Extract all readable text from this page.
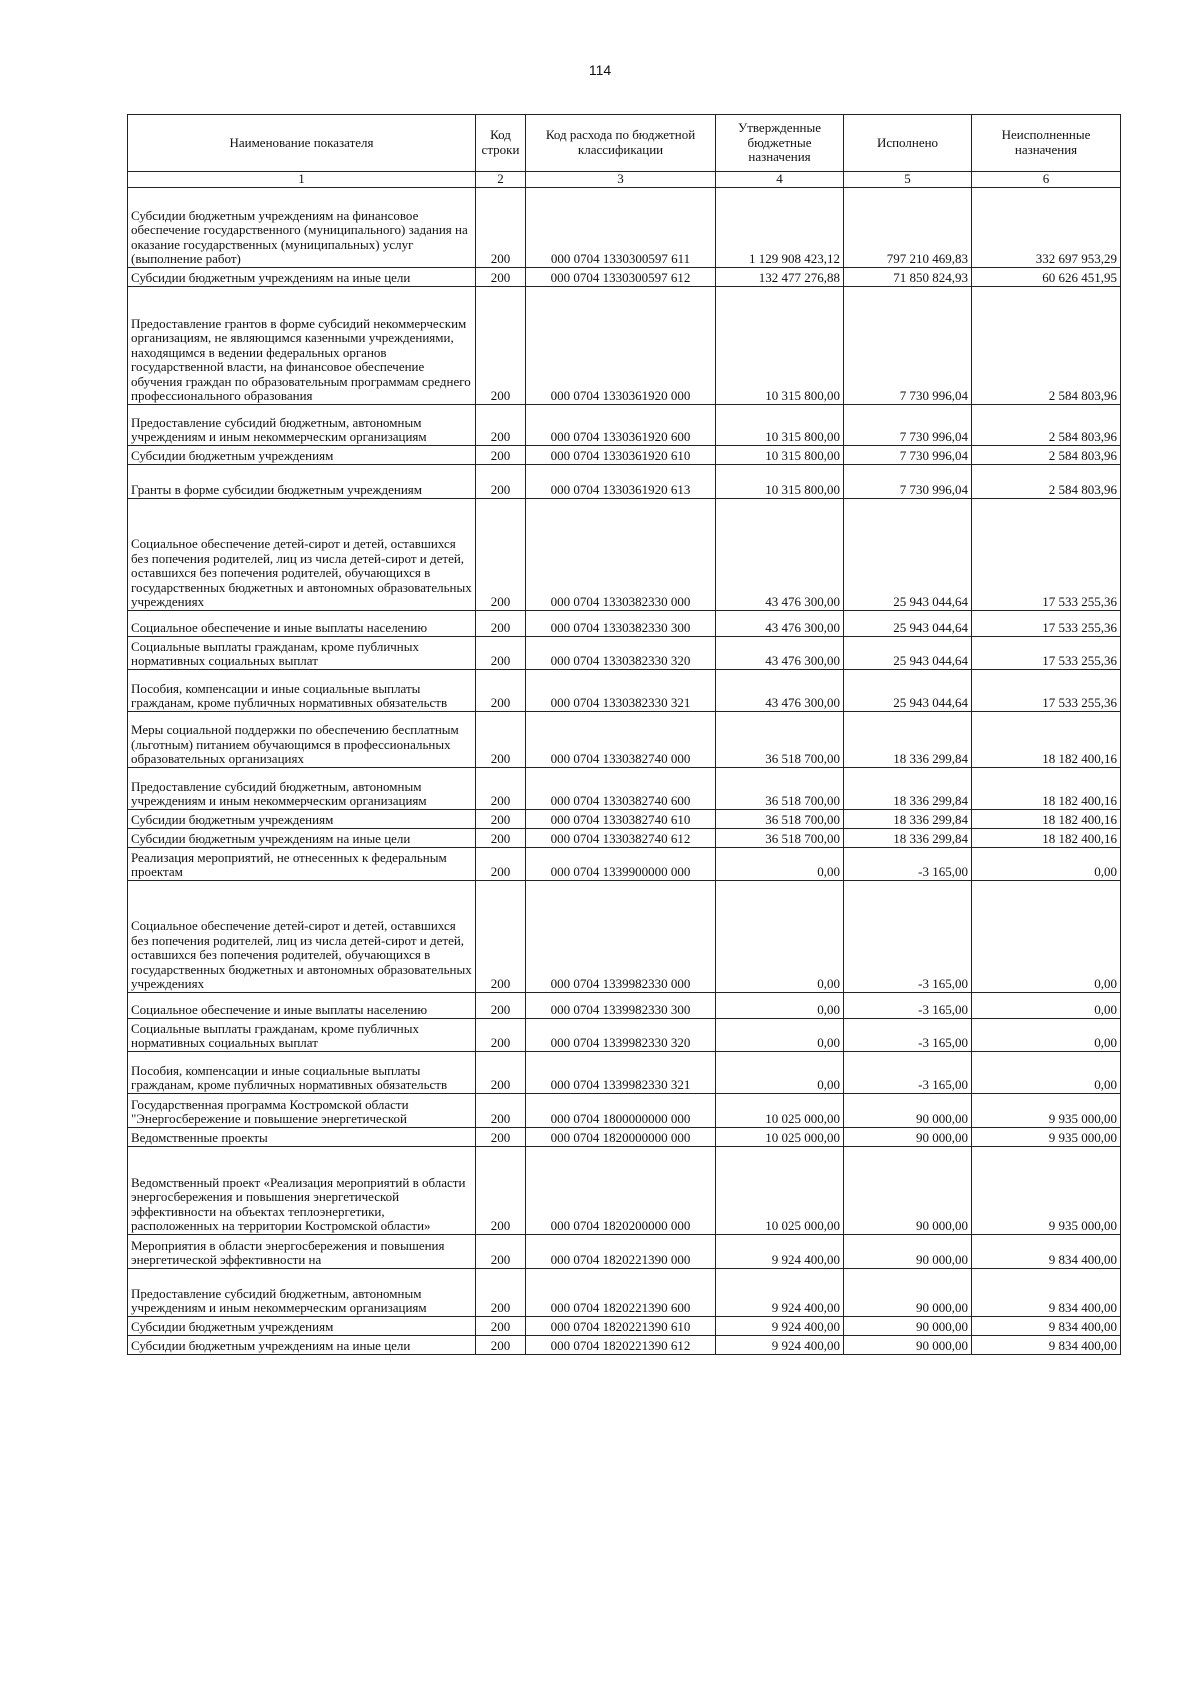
114
Наименование показателя	Код строки	Код расхода по бюджетной классификации	Утвержденные бюджетные назначения	Исполнено	Неисполненные назначения
1	2	3	4	5	6
Субсидии бюджетным учреждениям на финансовое обеспечение государственного (муниципального) задания на оказание государственных (муниципальных) услуг (выполнение работ)	200	000 0704 1330300597 611	1 129 908 423,12	797 210 469,83	332 697 953,29
Субсидии бюджетным учреждениям на иные цели	200	000 0704 1330300597 612	132 477 276,88	71 850 824,93	60 626 451,95
Предоставление грантов в форме субсидий некоммерческим организациям, не являющимся казенными учреждениями, находящимся в ведении федеральных органов государственной власти, на финансовое обеспечение обучения граждан по образовательным программам среднего профессионального образования	200	000 0704 1330361920 000	10 315 800,00	7 730 996,04	2 584 803,96
Предоставление субсидий бюджетным, автономным учреждениям и иным некоммерческим организациям	200	000 0704 1330361920 600	10 315 800,00	7 730 996,04	2 584 803,96
Субсидии бюджетным учреждениям	200	000 0704 1330361920 610	10 315 800,00	7 730 996,04	2 584 803,96
Гранты в форме субсидии бюджетным учреждениям	200	000 0704 1330361920 613	10 315 800,00	7 730 996,04	2 584 803,96
Социальное обеспечение детей-сирот и детей, оставшихся без попечения родителей, лиц из числа детей-сирот и детей, оставшихся без попечения родителей, обучающихся в государственных бюджетных и автономных образовательных учреждениях	200	000 0704 1330382330 000	43 476 300,00	25 943 044,64	17 533 255,36
Социальное обеспечение и иные выплаты населению	200	000 0704 1330382330 300	43 476 300,00	25 943 044,64	17 533 255,36
Социальные выплаты гражданам, кроме публичных нормативных социальных выплат	200	000 0704 1330382330 320	43 476 300,00	25 943 044,64	17 533 255,36
Пособия, компенсации и иные социальные выплаты гражданам, кроме публичных нормативных обязательств	200	000 0704 1330382330 321	43 476 300,00	25 943 044,64	17 533 255,36
Меры социальной поддержки по обеспечению бесплатным (льготным) питанием обучающимся в профессиональных образовательных организациях	200	000 0704 1330382740 000	36 518 700,00	18 336 299,84	18 182 400,16
Предоставление субсидий бюджетным, автономным учреждениям и иным некоммерческим организациям	200	000 0704 1330382740 600	36 518 700,00	18 336 299,84	18 182 400,16
Субсидии бюджетным учреждениям	200	000 0704 1330382740 610	36 518 700,00	18 336 299,84	18 182 400,16
Субсидии бюджетным учреждениям на иные цели	200	000 0704 1330382740 612	36 518 700,00	18 336 299,84	18 182 400,16
Реализация мероприятий, не отнесенных к федеральным проектам	200	000 0704 1339900000 000	0,00	-3 165,00	0,00
Социальное обеспечение детей-сирот и детей, оставшихся без попечения родителей, лиц из числа детей-сирот и детей, оставшихся без попечения родителей, обучающихся в государственных бюджетных и автономных образовательных учреждениях	200	000 0704 1339982330 000	0,00	-3 165,00	0,00
Социальное обеспечение и иные выплаты населению	200	000 0704 1339982330 300	0,00	-3 165,00	0,00
Социальные выплаты гражданам, кроме публичных нормативных социальных выплат	200	000 0704 1339982330 320	0,00	-3 165,00	0,00
Пособия, компенсации и иные социальные выплаты гражданам, кроме публичных нормативных обязательств	200	000 0704 1339982330 321	0,00	-3 165,00	0,00
Государственная программа Костромской области "Энергосбережение и повышение энергетической	200	000 0704 1800000000 000	10 025 000,00	90 000,00	9 935 000,00
Ведомственные проекты	200	000 0704 1820000000 000	10 025 000,00	90 000,00	9 935 000,00
Ведомственный проект «Реализация мероприятий в области энергосбережения и повышения энергетической эффективности на объектах теплоэнергетики, расположенных на территории Костромской области»	200	000 0704 1820200000 000	10 025 000,00	90 000,00	9 935 000,00
Мероприятия в области энергосбережения и повышения энергетической эффективности на	200	000 0704 1820221390 000	9 924 400,00	90 000,00	9 834 400,00
Предоставление субсидий бюджетным, автономным учреждениям и иным некоммерческим организациям	200	000 0704 1820221390 600	9 924 400,00	90 000,00	9 834 400,00
Субсидии бюджетным учреждениям	200	000 0704 1820221390 610	9 924 400,00	90 000,00	9 834 400,00
Субсидии бюджетным учреждениям на иные цели	200	000 0704 1820221390 612	9 924 400,00	90 000,00	9 834 400,00
